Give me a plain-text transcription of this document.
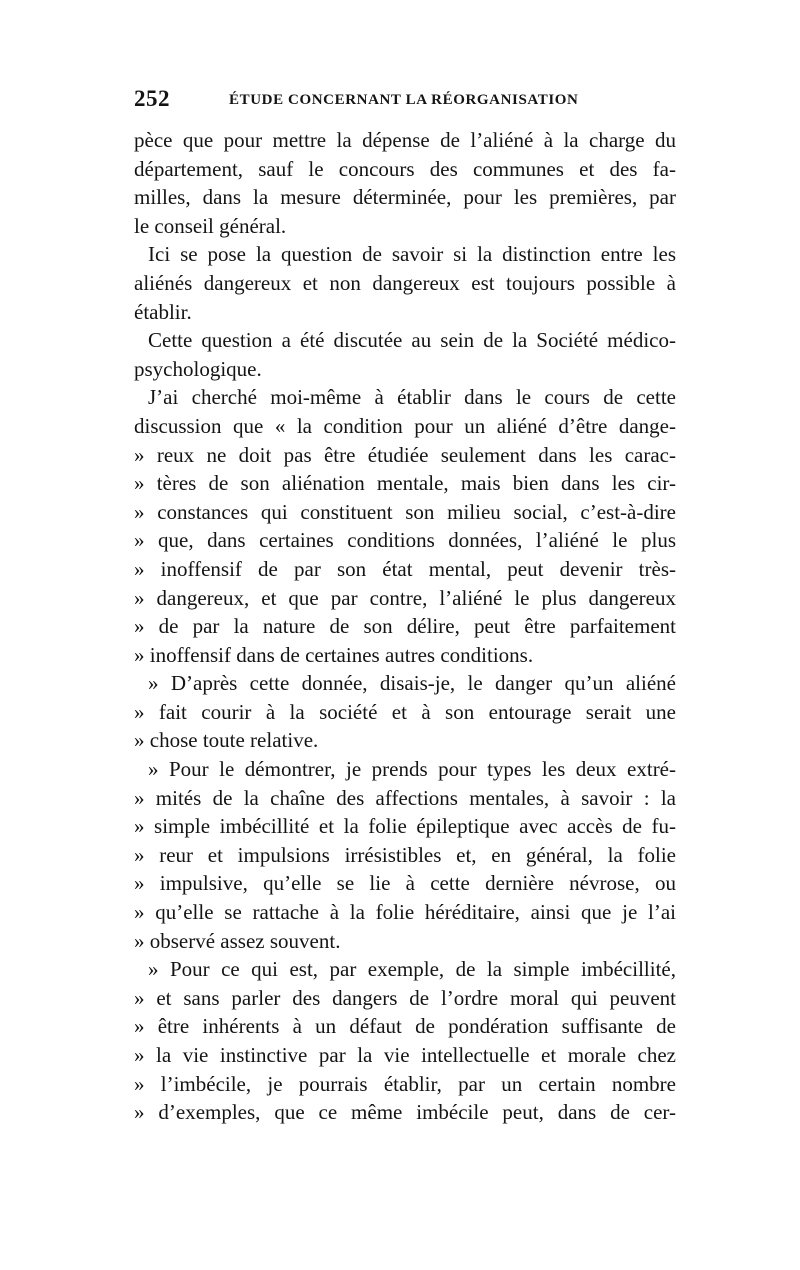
252	ÉTUDE CONCERNANT LA RÉORGANISATION
pèce que pour mettre la dépense de l’aliéné à la charge du
département, sauf le concours des communes et des fa-
milles, dans la mesure déterminée, pour les premières, par
le conseil général.
Ici se pose la question de savoir si la distinction entre les
aliénés dangereux et non dangereux est toujours possible à
établir.
Cette question a été discutée au sein de la Société médico-
psychologique.
J’ai cherché moi-même à établir dans le cours de cette
discussion que « la condition pour un aliéné d’être dange-
» reux ne doit pas être étudiée seulement dans les carac-
» tères de son aliénation mentale, mais bien dans les cir-
» constances qui constituent son milieu social, c’est-à-dire
» que, dans certaines conditions données, l’aliéné le plus
» inoffensif de par son état mental, peut devenir très-
» dangereux, et que par contre, l’aliéné le plus dangereux
» de par la nature de son délire, peut être parfaitement
» inoffensif dans de certaines autres conditions.
» D’après cette donnée, disais-je, le danger qu’un aliéné
» fait courir à la société et à son entourage serait une
» chose toute relative.
» Pour le démontrer, je prends pour types les deux extré-
» mités de la chaîne des affections mentales, à savoir : la
» simple imbécillité et la folie épileptique avec accès de fu-
» reur et impulsions irrésistibles et, en général, la folie
» impulsive, qu’elle se lie à cette dernière névrose, ou
» qu’elle se rattache à la folie héréditaire, ainsi que je l’ai
» observé assez souvent.
» Pour ce qui est, par exemple, de la simple imbécillité,
» et sans parler des dangers de l’ordre moral qui peuvent
» être inhérents à un défaut de pondération suffisante de
» la vie instinctive par la vie intellectuelle et morale chez
» l’imbécile, je pourrais établir, par un certain nombre
» d’exemples, que ce même imbécile peut, dans de cer-
